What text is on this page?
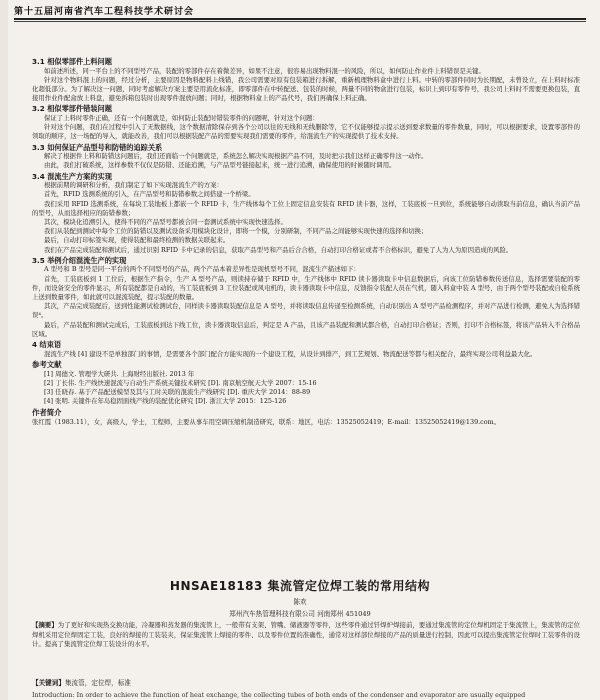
第十五届河南省汽车工程科技学术研讨会
3.1 相似零部件上料问题

如前述所述，同一平台上的不同型号产品，装配的零部件存在着微差异，如果不注意，很容易出现物料混一的风险，所以，如何防止作业件上料错误是关键。

针对这个物料混上的问题，经过分析，主要原因是物料配料上线错，我公司需要对原有包装箱进行拆解，重新梳理物料盒中进行上料。中转的零部件同时为长期配，未曾设立，在上料时标准化超低部分。为了解决这一问题，同时考虑解决方案主要是用流化标准，即零部件在中转配送、包装的时候，两量不同的物盒进行包装，标识上到印有零件号，我公司上料时不需要更换包装，直接用作业件配盒放上料盘，避免拆箱包装时出现零件混放问题；同时，根据物料盒上的产品代号，我们再确保上料正确。

3.2 相似零部件错装问题

保证了上料时零件正确，还有一个问题就是，如何防止装配时错装零件的问题呢，针对这个问题：

针对这个问题，我们在过程中引入了无数据线，这个数据清除保存到各个公司以往的无线和无线删除等，它不仅能够提示提示送到要求数量的零件数量，同时，可以根据要求，设置零部件的领取的顺序，这一场配的导入，就能改善，我们可以根据装配产品的需要实现我们需要的零件，给混流生产的实现提供了技术支持。

3.3 如何保证产品型号和防错的追踪关系

解决了根据件上料和防错这问题后，我们还面临一个问题就是，系统怎么解决实现根据产品不同，及时把示我们这样正确零件这一动作。

由此，我们打破系统，这样参数不仅仅是防错、还能追溯，与产品型号链接起来，统一进行追溯，确保使用的时候随时调用。

3.4 混流生产方案的实现

根据前期的调研和分析，我们制定了如下实现混流生产的方案：

首先，RFID 选测系统的引入，在产品型号和防错参数之间搭建一个桥梁。

我们采用 RFID 选测系统，在每块工装地板上都嵌一个 RFID 卡，生产线体每个工位上固定信息安装有 RFID 读卡器，这样，工装底板一旦到位，系统能够自动读取当前信息，确认当前产品的型号，从而选择相应的防错参数；

其次，模块化追溯引入，使得不同的产品型号都被合同一套测试系统中实现快速选择。

我们从装配到测试中每个工位的防错以及测试设备采用模块化设计，即将一个模，分别研制，不同产品之间能够实现快速的选择和切换；

最后，自动打印标签实现，使得装配和最终检测的数据关联起来。

我们在产品完成装配和测试后，通过识别 RFID 卡中记录的信息，获取产品型号和产品后合合格，自动打印合格证或者不合格标识，避免了人为人为原因造成的风险。

3.5 举例介绍混流生产的实现

A 型号和 B 型号是同一平台的两个不同型号的产品，两个产品本着差异性是现机型号不同，混流生产描述如下：

首先，工装底板到 1 工位后，根据生产指令，生产 A 型号产品，则读持存储于 RFID 中，生产线体中 RFID 读卡器读取卡中信息数据后，向该工位防错参数传送信息，选择需要装配的零件，而设备安全的零件显示，所有装配都是自动的，当工装底板到 3 工位装配或风电机的，读卡器读取卡中信息，反馈指令装配人员在气机，随入料盒中装 A 型号，由于两个型号装配或自检系统上送到数量零件，如此就可以混流装配，提示装配的数量。

其次，产品完成装配后，送到性能测试检测试台，同样读卡器读取装配信息是 A 型号，并将读取信息传递至检测系统，自动识别出 A 型号产品检测程序，并对产品进行检测，避免人为选择错误⁴。

最后，产品装配和测试完成后，工装底板到达下线工位，读卡器读取信息后，判定是 A 产品，且该产品装配和测试都合格，自动打印合格证；否则，打印不合格标签，将该产品转入不合格品区域。

4 结束语

混流生产线 [4] 建设不是单独部门的事情，是需要各个部门配合方能实现的一个建设工程，从设计到排产，到工艺规划、物流配送等都与相关配合，最终实现公司利益最大化。

参考文献

[1] 周德文. 管理学大研共. 上海财经出版社. 2013 年

[2] 丁长伟. 生产线快速混流与自动生产系统关键技术研究 [D]. 南京航空航天大学 2007：15-16

[3] 任晓春. 基于产品配送模型及其与工时关联的混流生产线研究 [D]. 重庆大学 2014：88-89

[4] 张明. 关键件在年岛稳固面线产线的装配优化研究 [D]. 浙江大学 2015：125-126

作者简介

张红霞（1983.11），女，高级人，学士，工程师，主要从事车用空调压缩机制造研究，联系：地区，电话：13525052419；E-mail：13525052419@139.com。

HNSAE18183 集流管定位焊工装的常用结构
陈欢
郑州汽车热管理科技有限公司 河南郑州 451049
【摘要】为了更好和实现热交换功能，冷凝器和蒸发器的集流管上，一般带有支架、管嘴、储液器等零件，这些零件通过钎焊炉焊接前，要通过集流管的定位焊机固定于集流管上，集流管的定位焊机采用定位焊固定工装，良好的焊接的工装装夹，保证集流管上焊接的零件、以及零件位置的准确性，通常对这样部位焊接的产品的质量进行控制，因此可以提出集流管定位焊时工装零件的设计。提高了集流管定位焊工装设计的水平。
【关键词】集流管，定位焊，标准
Introduction: In order to achieve the function of heat exchange, the collecting tubes of both ends of the condenser and evaporator are usually equipped
